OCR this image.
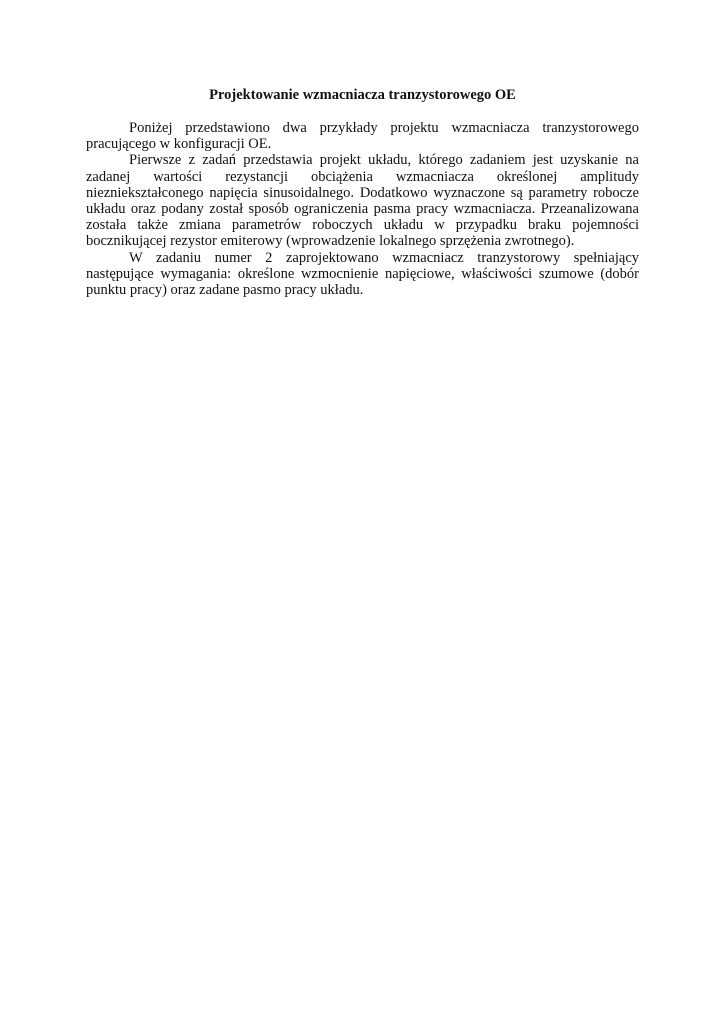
Projektowanie wzmacniacza tranzystorowego OE

Poniżej przedstawiono dwa przykłady projektu wzmacniacza tranzystorowego pracującego w konfiguracji OE.

Pierwsze z zadań przedstawia projekt układu, którego zadaniem jest uzyskanie na zadanej wartości rezystancji obciążenia wzmacniacza określonej amplitudy niezniekształconego napięcia sinusoidalnego. Dodatkowo wyznaczone są parametry robocze układu oraz podany został sposób ograniczenia pasma pracy wzmacniacza. Przeanalizowana została także zmiana parametrów roboczych układu w przypadku braku pojemności bocznikującej rezystor emiterowy (wprowadzenie lokalnego sprzężenia zwrotnego).

W zadaniu numer 2 zaprojektowano wzmacniacz tranzystorowy spełniający następujące wymagania: określone wzmocnienie napięciowe, właściwości szumowe (dobór punktu pracy) oraz zadane pasmo pracy układu.
